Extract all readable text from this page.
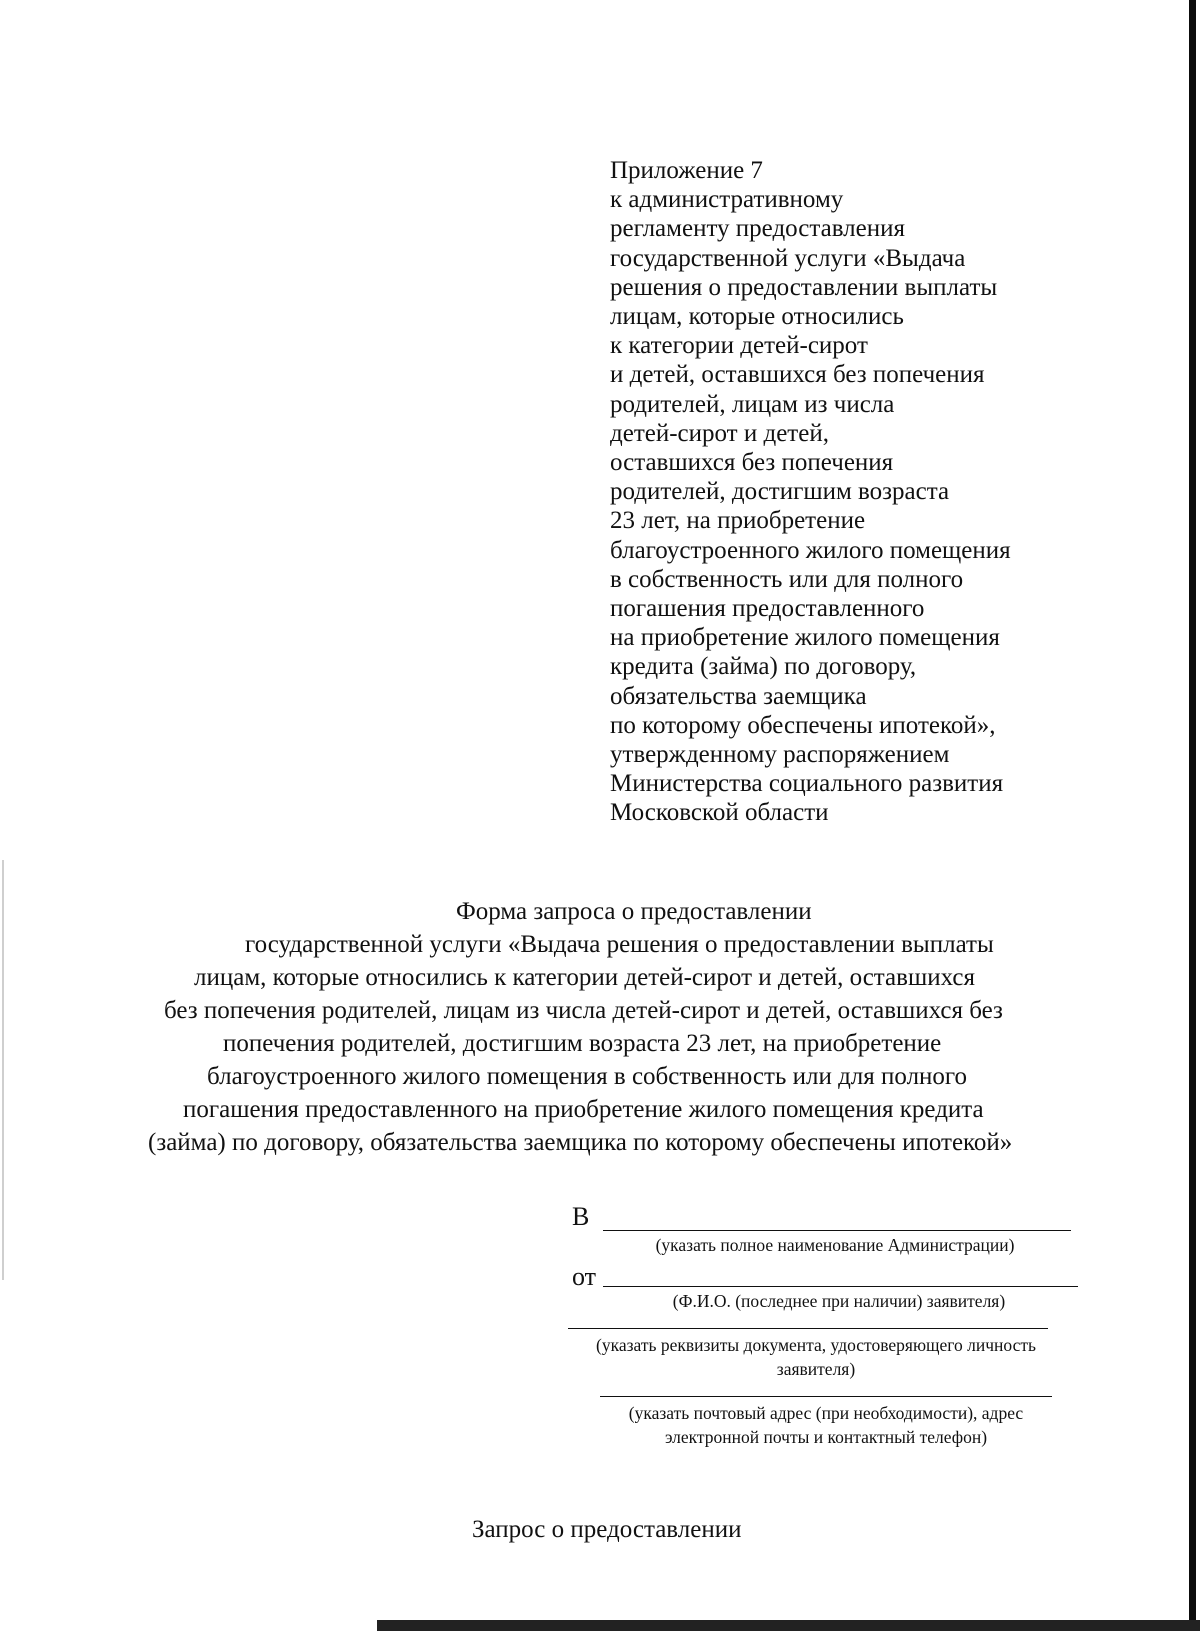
Приложение 7
к административному
регламенту предоставления
государственной услуги «Выдача
решения о предоставлении выплаты
лицам, которые относились
к категории детей-сирот
и детей, оставшихся без попечения
родителей, лицам из числа
детей-сирот и детей,
оставшихся без попечения
родителей, достигшим возраста
23 лет, на приобретение
благоустроенного жилого помещения
в собственность или для полного
погашения предоставленного
на приобретение жилого помещения
кредита (займа) по договору,
обязательства заемщика
по которому обеспечены ипотекой»,
утвержденному распоряжением
Министерства социального развития
Московской области
Форма запроса о предоставлении
государственной услуги «Выдача решения о предоставлении выплаты
лицам, которые относились к категории детей-сирот и детей, оставшихся
без попечения родителей, лицам из числа детей-сирот и детей, оставшихся без
попечения родителей, достигшим возраста 23 лет, на приобретение
благоустроенного жилого помещения в собственность или для полного
погашения предоставленного на приобретение жилого помещения кредита
(займа) по договору, обязательства заемщика по которому обеспечены ипотекой»
В
(указать полное наименование Администрации)
от
(Ф.И.О. (последнее при наличии) заявителя)
(указать реквизиты документа, удостоверяющего личность
заявителя)
(указать почтовый адрес (при необходимости), адрес
электронной почты и контактный телефон)
Запрос о предоставлении
